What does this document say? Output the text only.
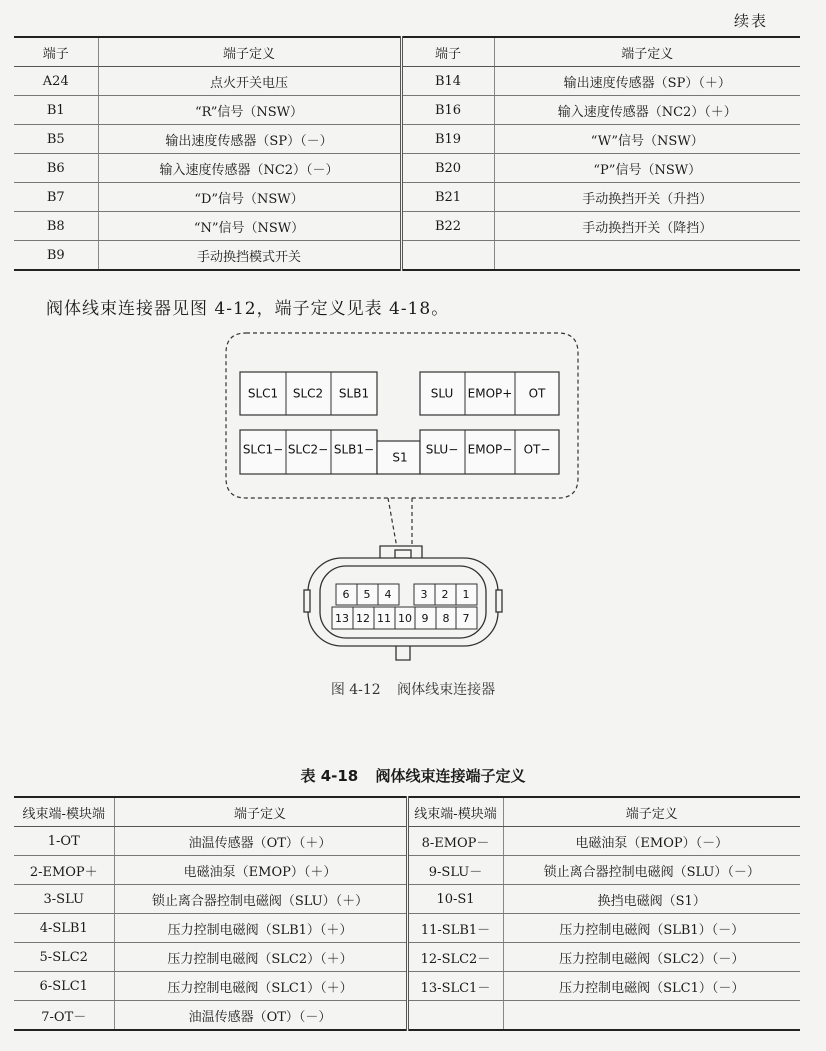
续表
端子	端子定义	端子	端子定义
A24	点火开关电压	B14	输出速度传感器（SP）（＋）
B1	“R”信号（NSW）	B16	输入速度传感器（NC2）（＋）
B5	输出速度传感器（SP）（－）	B19	“W”信号（NSW）
B6	输入速度传感器（NC2）（－）	B20	“P”信号（NSW）
B7	“D”信号（NSW）	B21	手动换挡开关（升挡）
B8	“N”信号（NSW）	B22	手动换挡开关（降挡）
B9	手动换挡模式开关		
阀体线束连接器见图 4-12，端子定义见表 4-18。
SLC1 SLC2 SLB1	SLU EMOP+ OT
SLC1− SLC2− SLB1−
S1
SLU− EMOP− OT−
6 5 4	3 2 1
13 12 11 10 9 8 7
图 4-12 阀体线束连接器
表 4-18 阀体线束连接端子定义
线束端-模块端	端子定义	线束端-模块端	端子定义
1-OT	油温传感器（OT）（＋）	8-EMOP－	电磁油泵（EMOP）（－）
2-EMOP＋	电磁油泵（EMOP）（＋）	9-SLU－	锁止离合器控制电磁阀（SLU）（－）
3-SLU	锁止离合器控制电磁阀（SLU）（＋）	10-S1	换挡电磁阀（S1）
4-SLB1	压力控制电磁阀（SLB1）（＋）	11-SLB1－	压力控制电磁阀（SLB1）（－）
5-SLC2	压力控制电磁阀（SLC2）（＋）	12-SLC2－	压力控制电磁阀（SLC2）（－）
6-SLC1	压力控制电磁阀（SLC1）（＋）	13-SLC1－	压力控制电磁阀（SLC1）（－）
7-OT－	油温传感器（OT）（－）		
